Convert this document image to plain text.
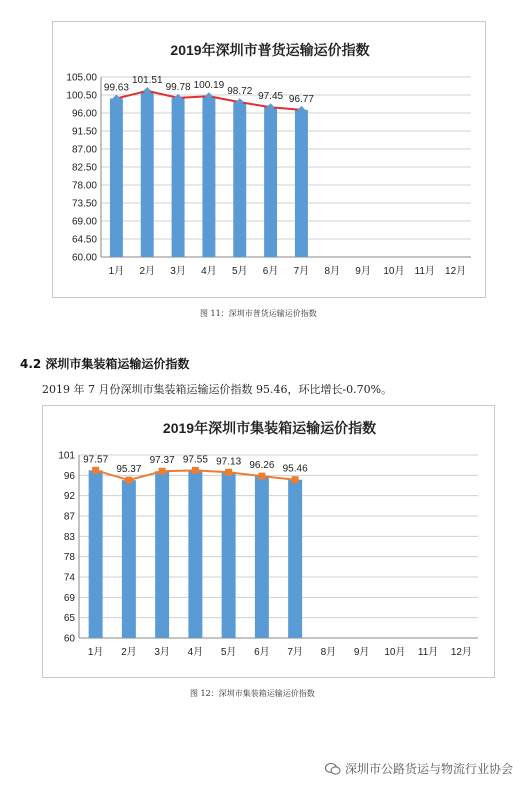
2019年深圳市普货运输运价指数
105.00
100.50
96.00
91.50
87.00
82.50
78.00
73.50
69.00
64.50
60.00
1月 2月 3月 4月 5月 6月 7月 8月 9月 10月 11月 12月
99.63
101.51
99.78 100.19
98.72 97.45 96.77
图 11：深圳市普货运输运价指数
4.2 深圳市集装箱运输运价指数
2019 年 7 月份深圳市集装箱运输运价指数 95.46，环比增长-0.70%。
2019年深圳市集装箱运输运价指数
101
96
92
87
83
78
74
69
65
60
1月 2月 3月 4月 5月 6月 7月 8月 9月 10月 11月 12月
97.57
95.37
97.37 97.55 97.13 96.26 95.46
图 12：深圳市集装箱运输运价指数
深圳市公路货运与物流行业协会
